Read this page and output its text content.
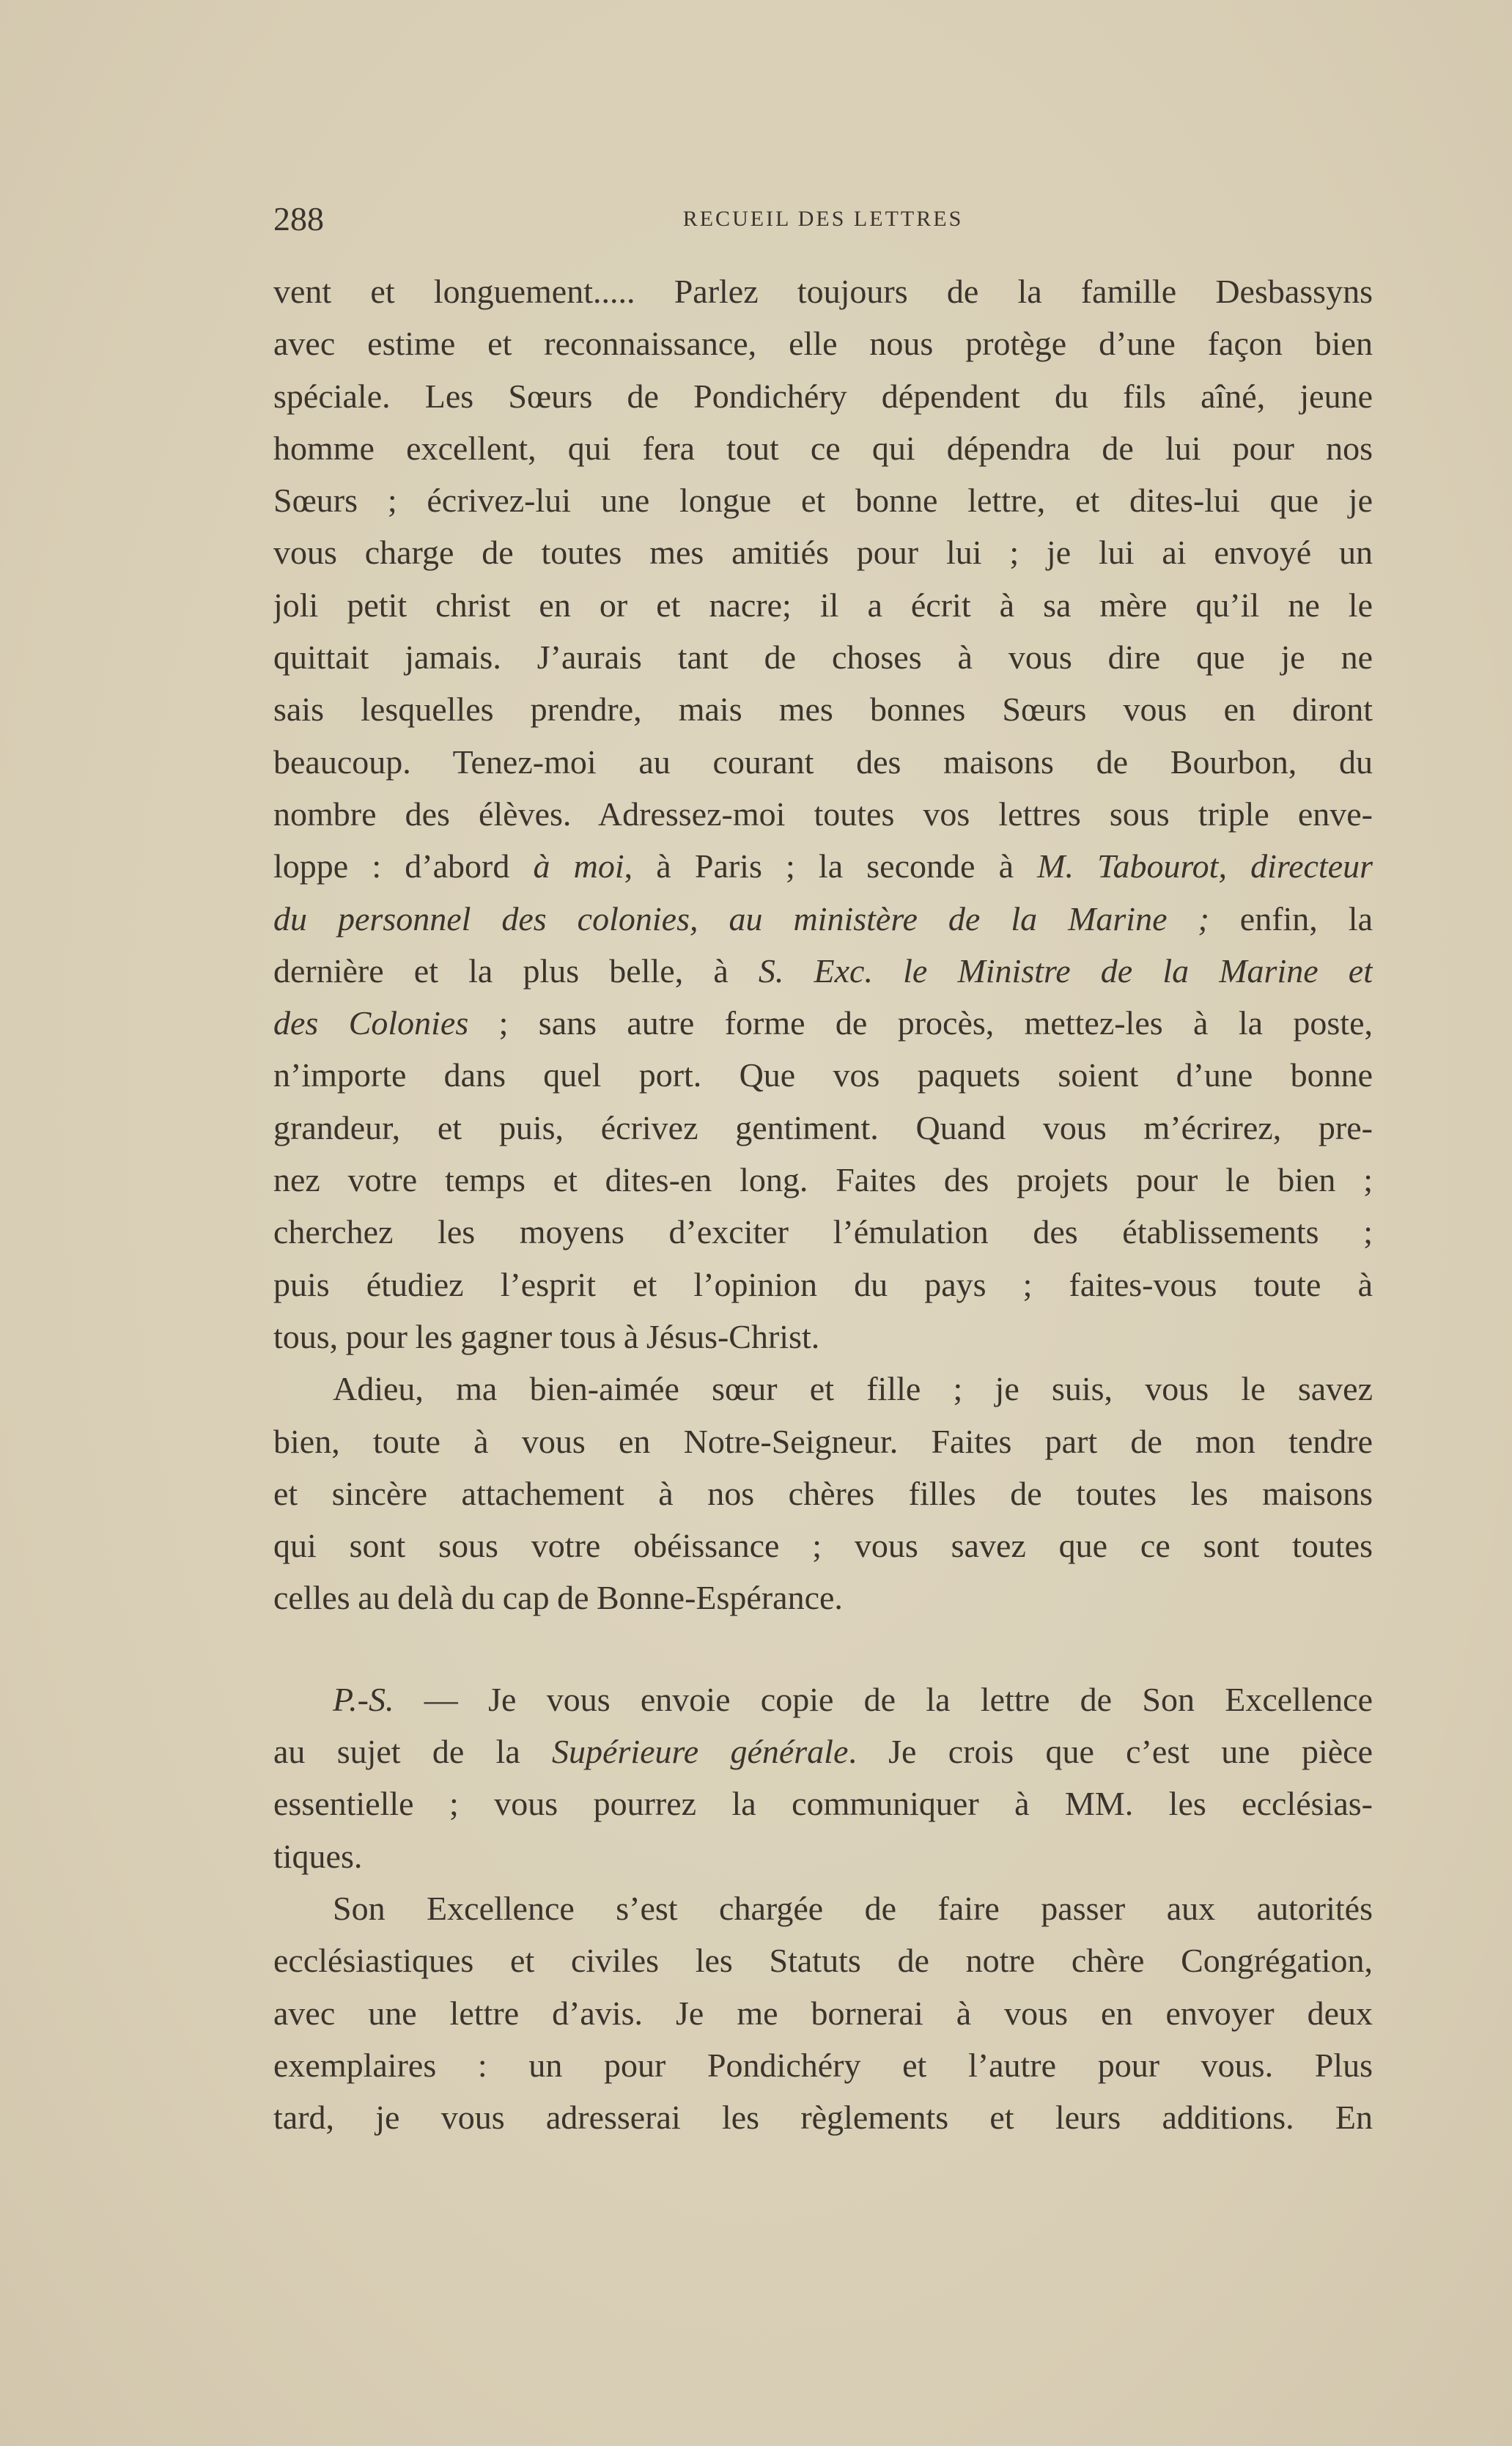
288	RECUEIL DES LETTRES
vent et longuement..... Parlez toujours de la famille Desbassyns
avec estime et reconnaissance, elle nous protège d’une façon bien
spéciale. Les Sœurs de Pondichéry dépendent du fils aîné, jeune
homme excellent, qui fera tout ce qui dépendra de lui pour nos
Sœurs ; écrivez-lui une longue et bonne lettre, et dites-lui que je
vous charge de toutes mes amitiés pour lui ; je lui ai envoyé un
joli petit christ en or et nacre; il a écrit à sa mère qu’il ne le
quittait jamais. J’aurais tant de choses à vous dire que je ne
sais lesquelles prendre, mais mes bonnes Sœurs vous en diront
beaucoup. Tenez-moi au courant des maisons de Bourbon, du
nombre des élèves. Adressez-moi toutes vos lettres sous triple enve-
loppe : d’abord à moi, à Paris ; la seconde à M. Tabourot, directeur
du personnel des colonies, au ministère de la Marine ; enfin, la
dernière et la plus belle, à S. Exc. le Ministre de la Marine et
des Colonies ; sans autre forme de procès, mettez-les à la poste,
n’importe dans quel port. Que vos paquets soient d’une bonne
grandeur, et puis, écrivez gentiment. Quand vous m’écrirez, pre-
nez votre temps et dites-en long. Faites des projets pour le bien ;
cherchez les moyens d’exciter l’émulation des établissements ;
puis étudiez l’esprit et l’opinion du pays ; faites-vous toute à
tous, pour les gagner tous à Jésus-Christ.
Adieu, ma bien-aimée sœur et fille ; je suis, vous le savez
bien, toute à vous en Notre-Seigneur. Faites part de mon tendre
et sincère attachement à nos chères filles de toutes les maisons
qui sont sous votre obéissance ; vous savez que ce sont toutes
celles au delà du cap de Bonne-Espérance.
P.-S. — Je vous envoie copie de la lettre de Son Excellence
au sujet de la Supérieure générale. Je crois que c’est une pièce
essentielle ; vous pourrez la communiquer à MM. les ecclésias-
tiques.
Son Excellence s’est chargée de faire passer aux autorités
ecclésiastiques et civiles les Statuts de notre chère Congrégation,
avec une lettre d’avis. Je me bornerai à vous en envoyer deux
exemplaires : un pour Pondichéry et l’autre pour vous. Plus
tard, je vous adresserai les règlements et leurs additions. En
